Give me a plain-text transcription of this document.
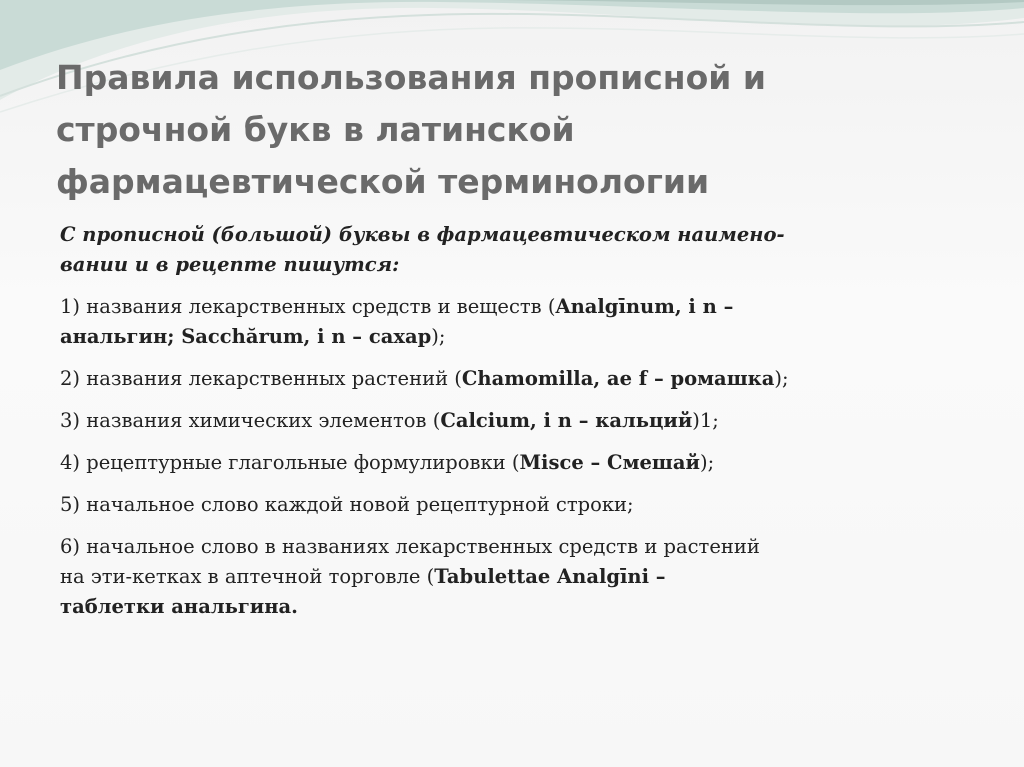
Правила использования прописной и
строчной букв в латинской
фармацевтической терминологии

С прописной (большой) буквы в фармацевтическом наимено-
вании и в рецепте пишутся:

1) названия лекарственных средств и веществ (Analgīnum, i n –
анальгин; Sacchărum, i n – сахар);

2) названия лекарственных растений (Chamomilla, ae f – ромашка);

3) названия химических элементов (Calcium, i n – кальций)1;

4) рецептурные глагольные формулировки (Misce – Смешай);

5) начальное слово каждой новой рецептурной строки;

6) начальное слово в названиях лекарственных средств и растений
на эти-кетках в аптечной торговле (Tabulettae Analgīni –
таблетки анальгина.
